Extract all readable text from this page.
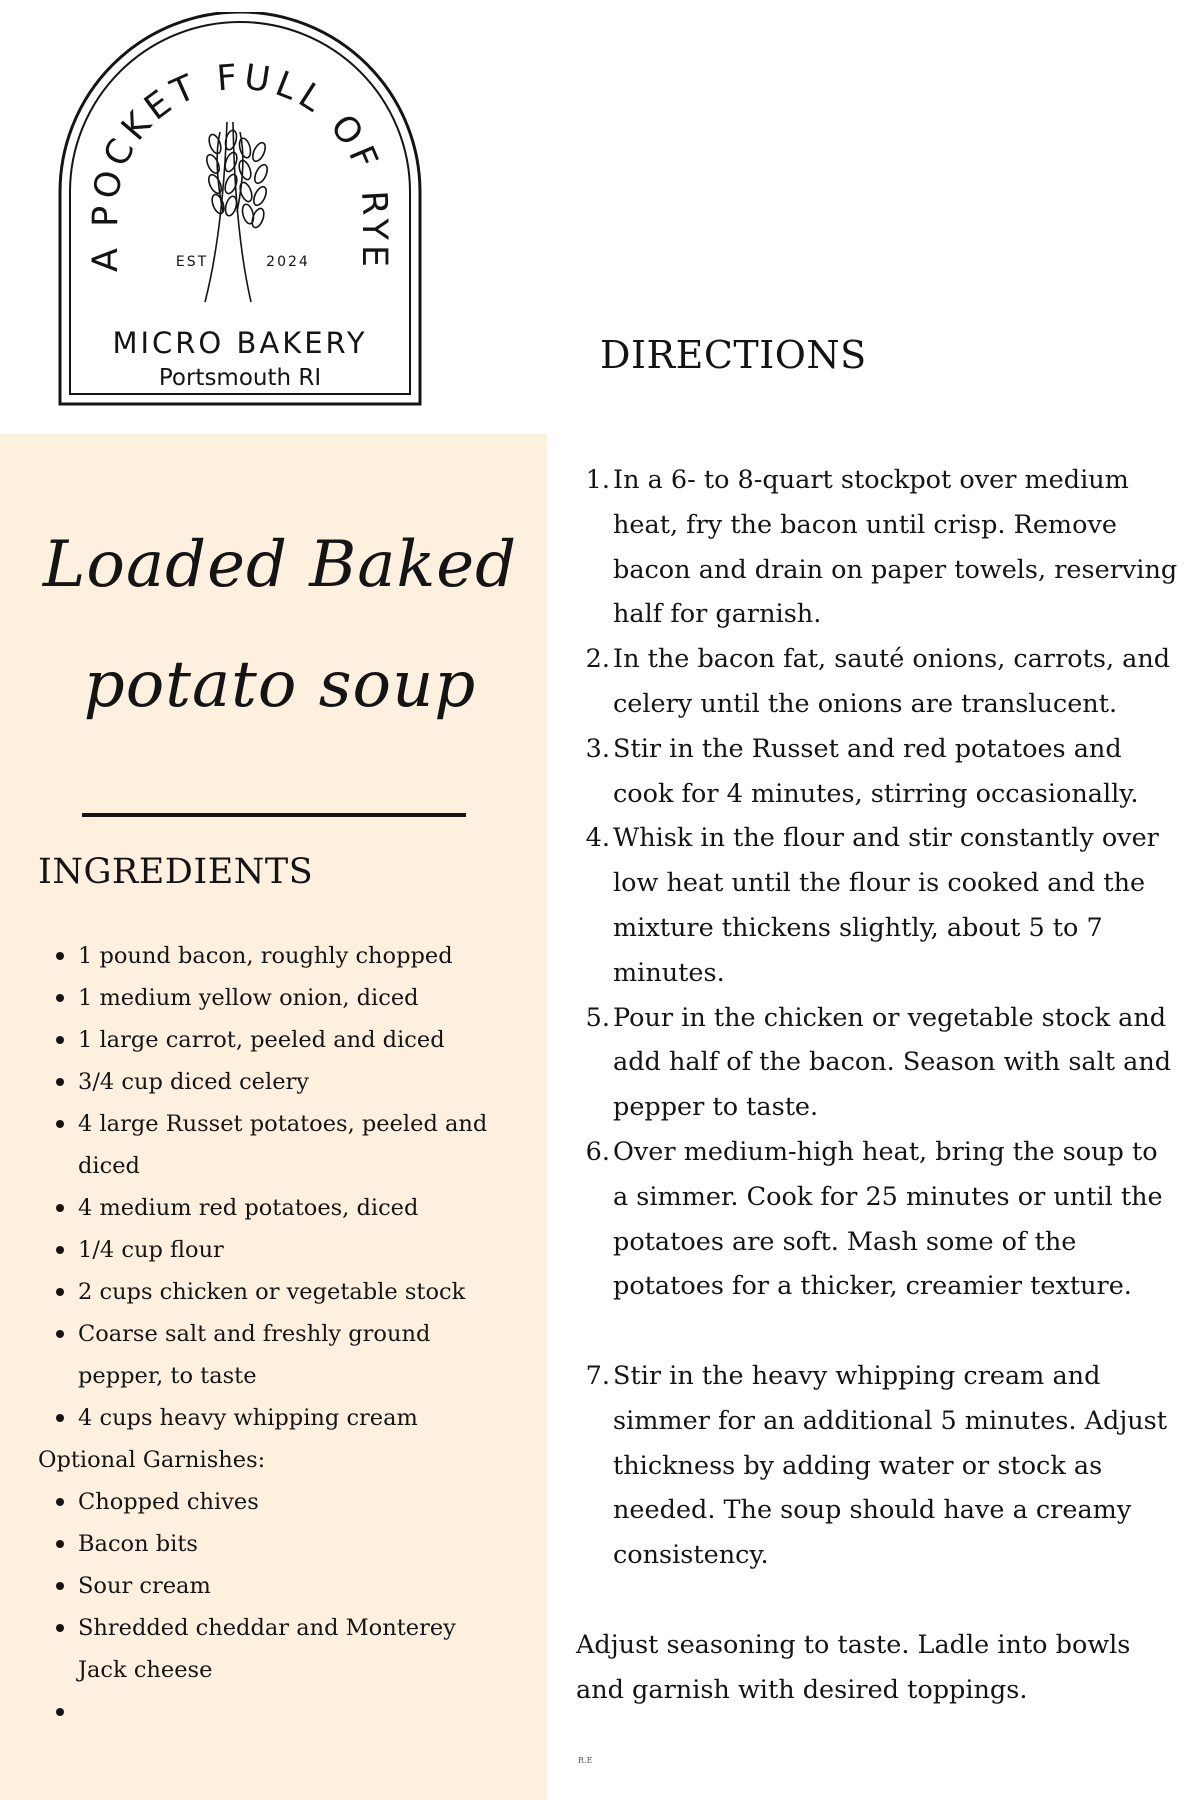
A POCKET FULL OF RYE
EST	2024
MICRO BAKERY
Portsmouth RI
Loaded Baked
potato soup
INGREDIENTS
1 pound bacon, roughly chopped
1 medium yellow onion, diced
1 large carrot, peeled and diced
3/4 cup diced celery
4 large Russet potatoes, peeled and diced
4 medium red potatoes, diced
1/4 cup flour
2 cups chicken or vegetable stock
Coarse salt and freshly ground pepper, to taste
4 cups heavy whipping cream
Optional Garnishes:
Chopped chives
Bacon bits
Sour cream
Shredded cheddar and Monterey Jack cheese

DIRECTIONS
1. In a 6- to 8-quart stockpot over medium heat, fry the bacon until crisp. Remove bacon and drain on paper towels, reserving half for garnish.
2. In the bacon fat, sauté onions, carrots, and celery until the onions are translucent.
3. Stir in the Russet and red potatoes and cook for 4 minutes, stirring occasionally.
4. Whisk in the flour and stir constantly over low heat until the flour is cooked and the mixture thickens slightly, about 5 to 7 minutes.
5. Pour in the chicken or vegetable stock and add half of the bacon. Season with salt and pepper to taste.
6. Over medium-high heat, bring the soup to a simmer. Cook for 25 minutes or until the potatoes are soft. Mash some of the potatoes for a thicker, creamier texture.
7. Stir in the heavy whipping cream and simmer for an additional 5 minutes. Adjust thickness by adding water or stock as needed. The soup should have a creamy consistency.

Adjust seasoning to taste. Ladle into bowls and garnish with desired toppings.

R.E
